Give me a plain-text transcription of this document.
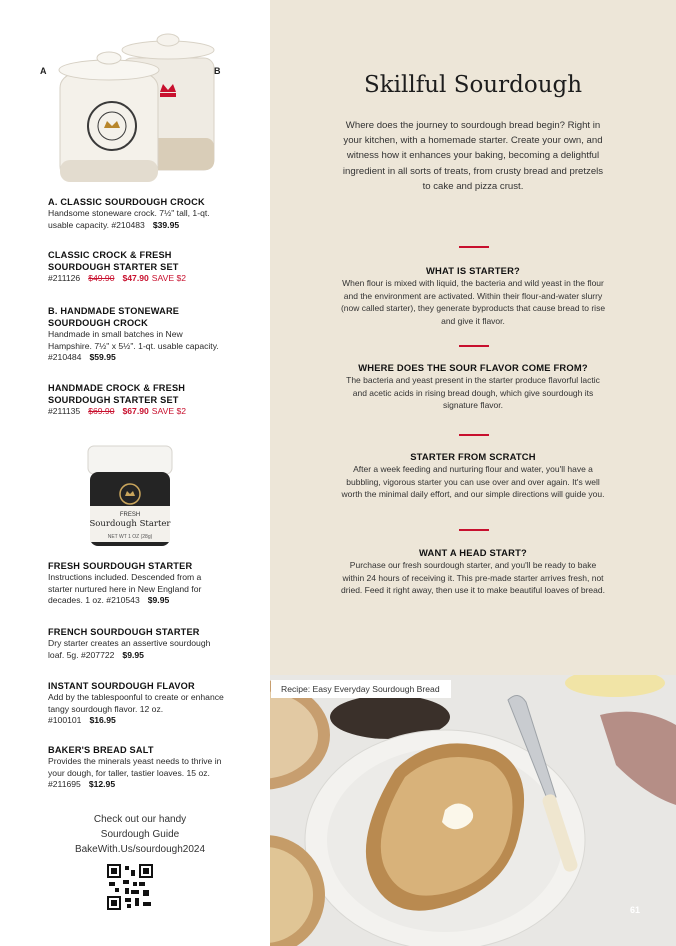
A	B
A. CLASSIC SOURDOUGH CROCK
Handsome stoneware crock. 7½" tall, 1-qt. usable capacity. #210483 $39.95
CLASSIC CROCK & FRESH SOURDOUGH STARTER SET
#211126 $49.90 $47.90 SAVE $2
B. HANDMADE STONEWARE SOURDOUGH CROCK
Handmade in small batches in New Hampshire. 7½" x 5½". 1-qt. usable capacity. #210484 $59.95
HANDMADE CROCK & FRESH SOURDOUGH STARTER SET
#211135 $69.90 $67.90 SAVE $2
FRESH
Sourdough Starter
NET WT 1 OZ (28g)
FRESH SOURDOUGH STARTER
Instructions included. Descended from a starter nurtured here in New England for decades. 1 oz. #210543 $9.95
FRENCH SOURDOUGH STARTER
Dry starter creates an assertive sourdough loaf. 5g. #207722 $9.95
INSTANT SOURDOUGH FLAVOR
Add by the tablespoonful to create or enhance tangy sourdough flavor. 12 oz. #100101 $16.95
BAKER'S BREAD SALT
Provides the minerals yeast needs to thrive in your dough, for taller, tastier loaves. 15 oz. #211695 $12.95
Check out our handy
Sourdough Guide
BakeWith.Us/sourdough2024
Skillful Sourdough
Where does the journey to sourdough bread begin? Right in your kitchen, with a homemade starter. Create your own, and witness how it enhances your baking, becoming a delightful ingredient in all sorts of treats, from crusty bread and pretzels to cake and pizza crust.
WHAT IS STARTER?
When flour is mixed with liquid, the bacteria and wild yeast in the flour and the environment are activated. Within their flour-and-water slurry (now called starter), they generate byproducts that cause bread to rise and give it flavor.
WHERE DOES THE SOUR FLAVOR COME FROM?
The bacteria and yeast present in the starter produce flavorful lactic and acetic acids in rising bread dough, which give sourdough its signature flavor.
STARTER FROM SCRATCH
After a week feeding and nurturing flour and water, you'll have a bubbling, vigorous starter you can use over and over again. It's well worth the minimal daily effort, and our simple directions will guide you.
WANT A HEAD START?
Purchase our fresh sourdough starter, and you'll be ready to bake within 24 hours of receiving it. This pre-made starter arrives fresh, not dried. Feed it right away, then use it to make beautiful loaves of bread.
Recipe: Easy Everyday Sourdough Bread
61
